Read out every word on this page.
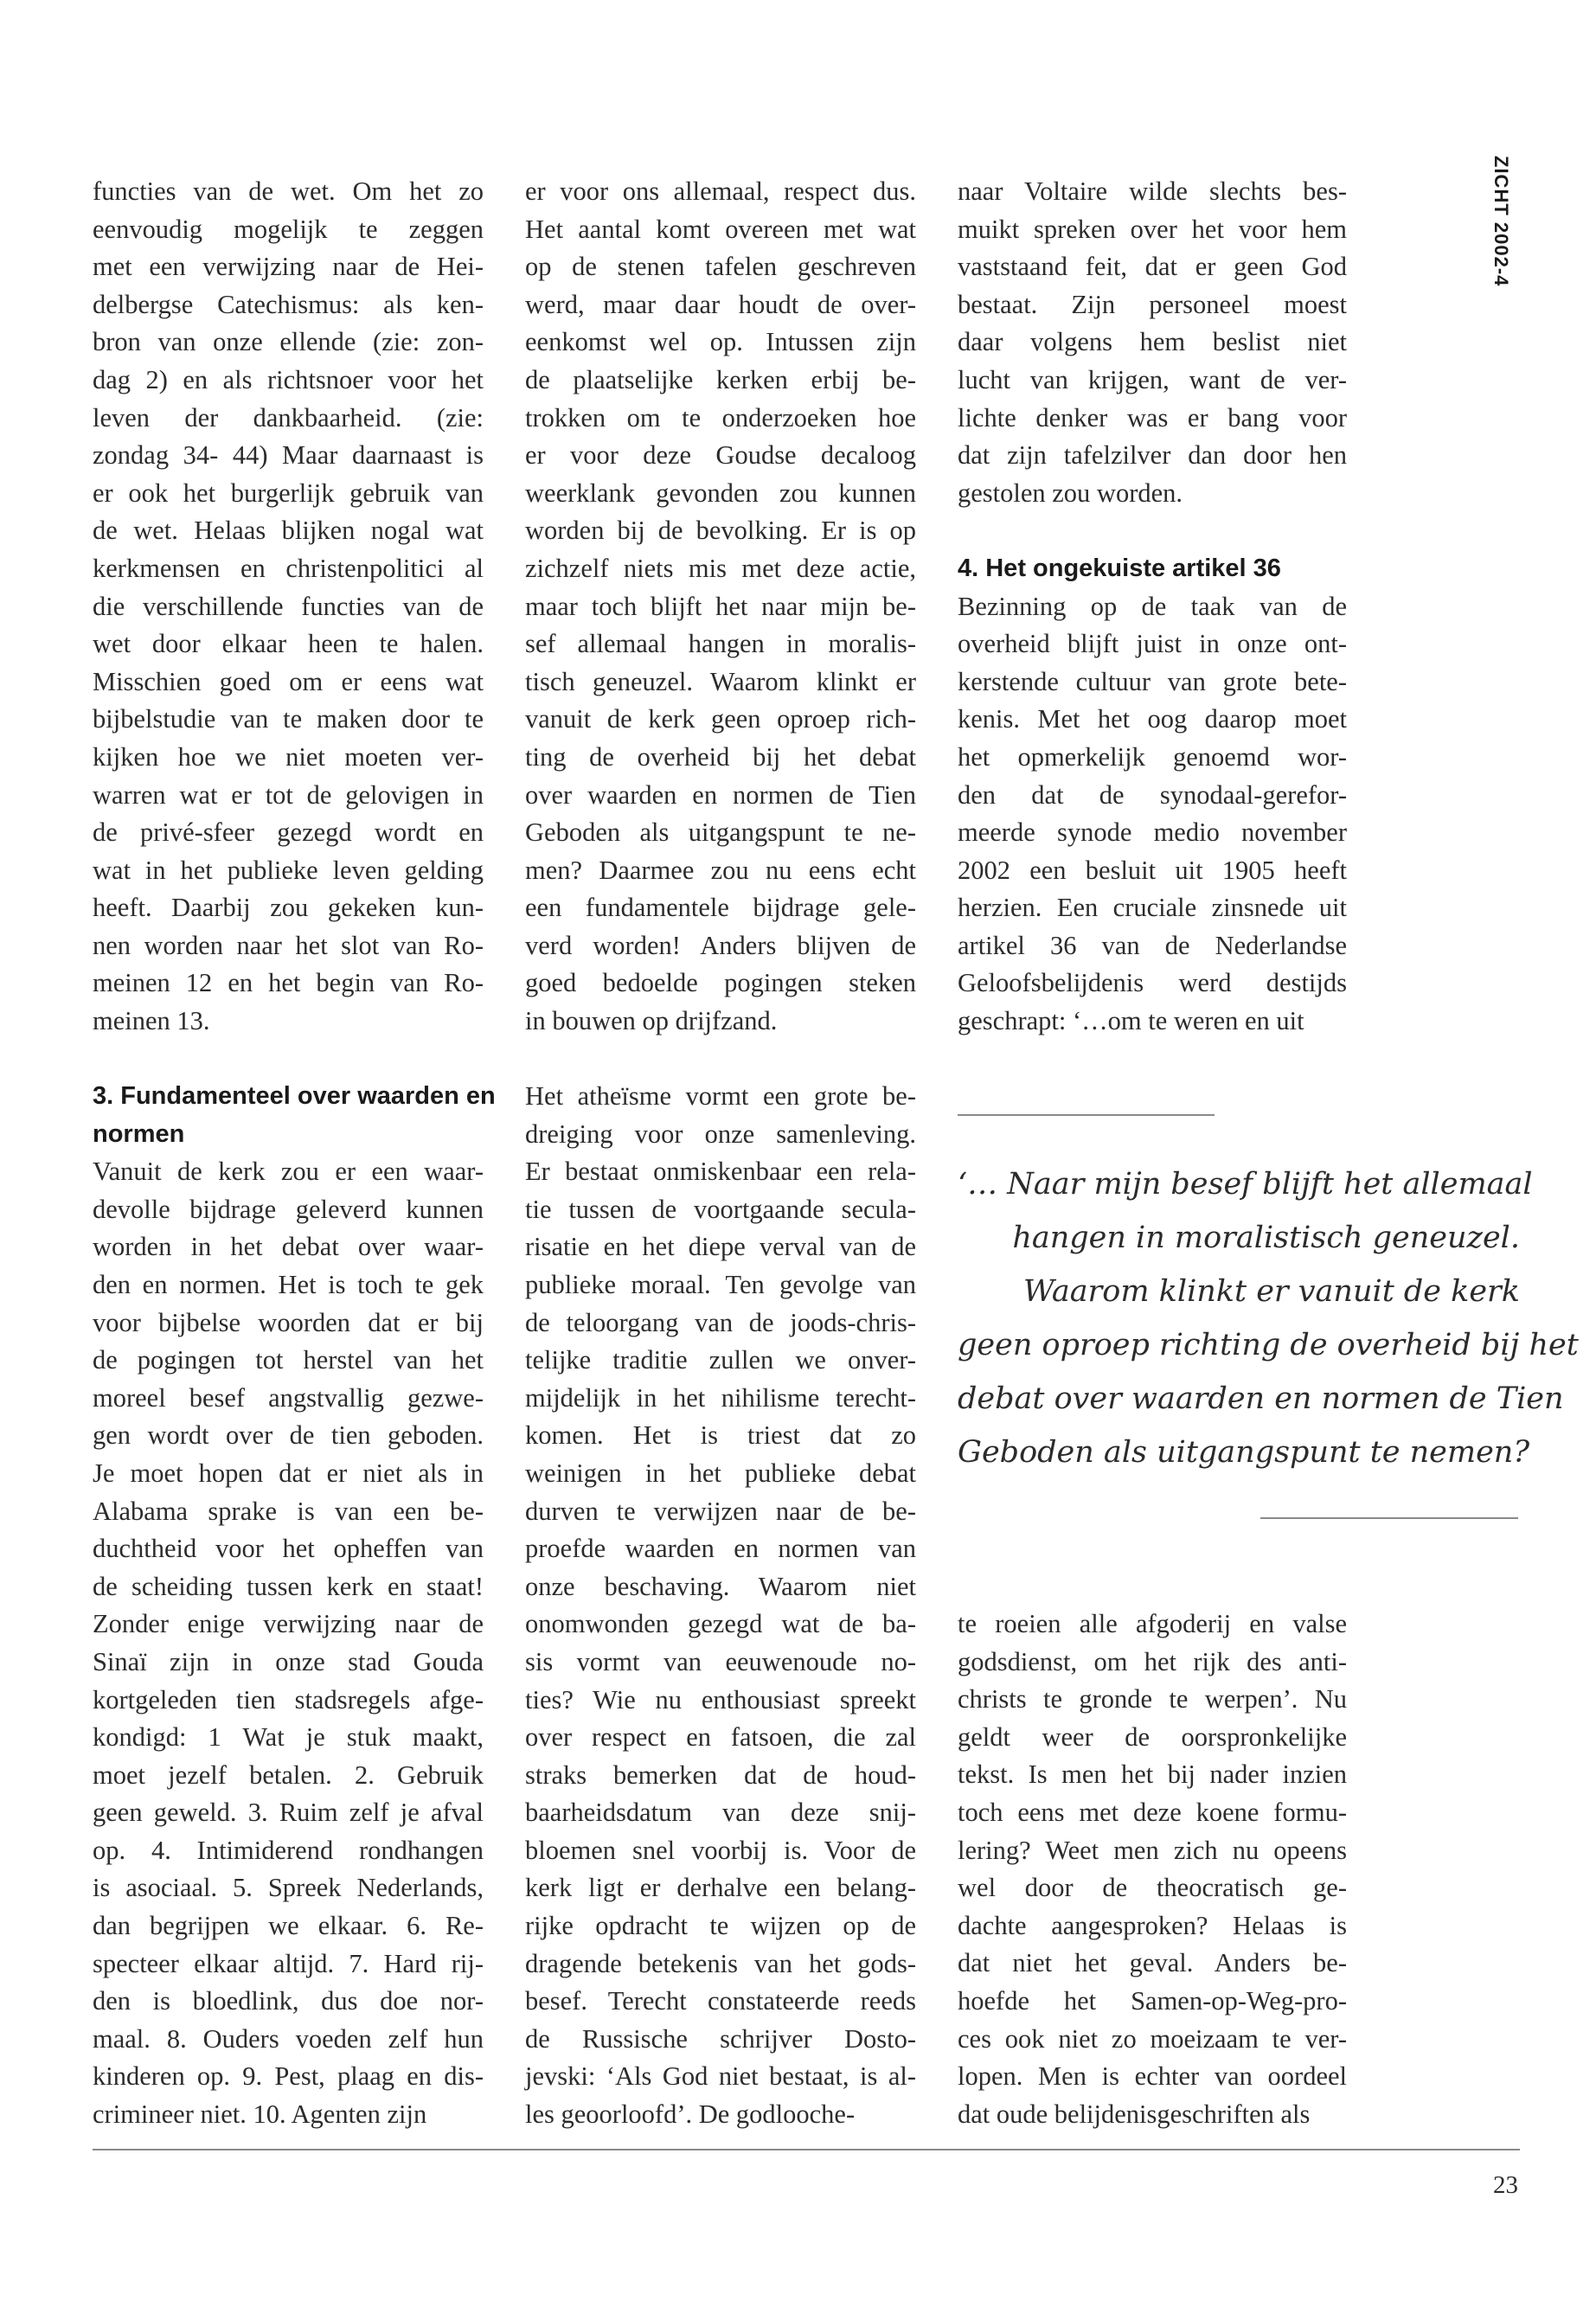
ZICHT 2002-4
functies van de wet. Om het zo
eenvoudig mogelijk te zeggen
met een verwijzing naar de Hei-
delbergse Catechismus: als ken-
bron van onze ellende (zie: zon-
dag 2) en als richtsnoer voor het
leven der dankbaarheid. (zie:
zondag 34- 44) Maar daarnaast is
er ook het burgerlijk gebruik van
de wet. Helaas blijken nogal wat
kerkmensen en christenpolitici al
die verschillende functies van de
wet door elkaar heen te halen.
Misschien goed om er eens wat
bijbelstudie van te maken door te
kijken hoe we niet moeten ver-
warren wat er tot de gelovigen in
de privé-sfeer gezegd wordt en
wat in het publieke leven gelding
heeft. Daarbij zou gekeken kun-
nen worden naar het slot van Ro-
meinen 12 en het begin van Ro-
meinen 13.
3. Fundamenteel over waarden en
normen
Vanuit de kerk zou er een waar-
devolle bijdrage geleverd kunnen
worden in het debat over waar-
den en normen. Het is toch te gek
voor bijbelse woorden dat er bij
de pogingen tot herstel van het
moreel besef angstvallig gezwe-
gen wordt over de tien geboden.
Je moet hopen dat er niet als in
Alabama sprake is van een be-
duchtheid voor het opheffen van
de scheiding tussen kerk en staat!
Zonder enige verwijzing naar de
Sinaï zijn in onze stad Gouda
kortgeleden tien stadsregels afge-
kondigd: 1 Wat je stuk maakt,
moet jezelf betalen. 2. Gebruik
geen geweld. 3. Ruim zelf je afval
op. 4. Intimiderend rondhangen
is asociaal. 5. Spreek Nederlands,
dan begrijpen we elkaar. 6. Re-
specteer elkaar altijd. 7. Hard rij-
den is bloedlink, dus doe nor-
maal. 8. Ouders voeden zelf hun
kinderen op. 9. Pest, plaag en dis-
crimineer niet. 10. Agenten zijn
er voor ons allemaal, respect dus.
Het aantal komt overeen met wat
op de stenen tafelen geschreven
werd, maar daar houdt de over-
eenkomst wel op. Intussen zijn
de plaatselijke kerken erbij be-
trokken om te onderzoeken hoe
er voor deze Goudse decaloog
weerklank gevonden zou kunnen
worden bij de bevolking. Er is op
zichzelf niets mis met deze actie,
maar toch blijft het naar mijn be-
sef allemaal hangen in moralis-
tisch geneuzel. Waarom klinkt er
vanuit de kerk geen oproep rich-
ting de overheid bij het debat
over waarden en normen de Tien
Geboden als uitgangspunt te ne-
men? Daarmee zou nu eens echt
een fundamentele bijdrage gele-
verd worden! Anders blijven de
goed bedoelde pogingen steken
in bouwen op drijfzand.
Het atheïsme vormt een grote be-
dreiging voor onze samenleving.
Er bestaat onmiskenbaar een rela-
tie tussen de voortgaande secula-
risatie en het diepe verval van de
publieke moraal. Ten gevolge van
de teloorgang van de joods-chris-
telijke traditie zullen we onver-
mijdelijk in het nihilisme terecht-
komen. Het is triest dat zo
weinigen in het publieke debat
durven te verwijzen naar de be-
proefde waarden en normen van
onze beschaving. Waarom niet
onomwonden gezegd wat de ba-
sis vormt van eeuwenoude no-
ties? Wie nu enthousiast spreekt
over respect en fatsoen, die zal
straks bemerken dat de houd-
baarheidsdatum van deze snij-
bloemen snel voorbij is. Voor de
kerk ligt er derhalve een belang-
rijke opdracht te wijzen op de
dragende betekenis van het gods-
besef. Terecht constateerde reeds
de Russische schrijver Dosto-
jevski: ‘Als God niet bestaat, is al-
les geoorloofd’. De godlooche-
naar Voltaire wilde slechts bes-
muikt spreken over het voor hem
vaststaand feit, dat er geen God
bestaat. Zijn personeel moest
daar volgens hem beslist niet
lucht van krijgen, want de ver-
lichte denker was er bang voor
dat zijn tafelzilver dan door hen
gestolen zou worden.
4. Het ongekuiste artikel 36
Bezinning op de taak van de
overheid blijft juist in onze ont-
kerstende cultuur van grote bete-
kenis. Met het oog daarop moet
het opmerkelijk genoemd wor-
den dat de synodaal-gerefor-
meerde synode medio november
2002 een besluit uit 1905 heeft
herzien. Een cruciale zinsnede uit
artikel 36 van de Nederlandse
Geloofsbelijdenis werd destijds
geschrapt: ‘…om te weren en uit
‘… Naar mijn besef blijft het allemaal
hangen in moralistisch geneuzel.
Waarom klinkt er vanuit de kerk
geen oproep richting de overheid bij het
debat over waarden en normen de Tien
Geboden als uitgangspunt te nemen?
te roeien alle afgoderij en valse
godsdienst, om het rijk des anti-
christs te gronde te werpen’. Nu
geldt weer de oorspronkelijke
tekst. Is men het bij nader inzien
toch eens met deze koene formu-
lering? Weet men zich nu opeens
wel door de theocratisch ge-
dachte aangesproken? Helaas is
dat niet het geval. Anders be-
hoefde het Samen-op-Weg-pro-
ces ook niet zo moeizaam te ver-
lopen. Men is echter van oordeel
dat oude belijdenisgeschriften als
23
